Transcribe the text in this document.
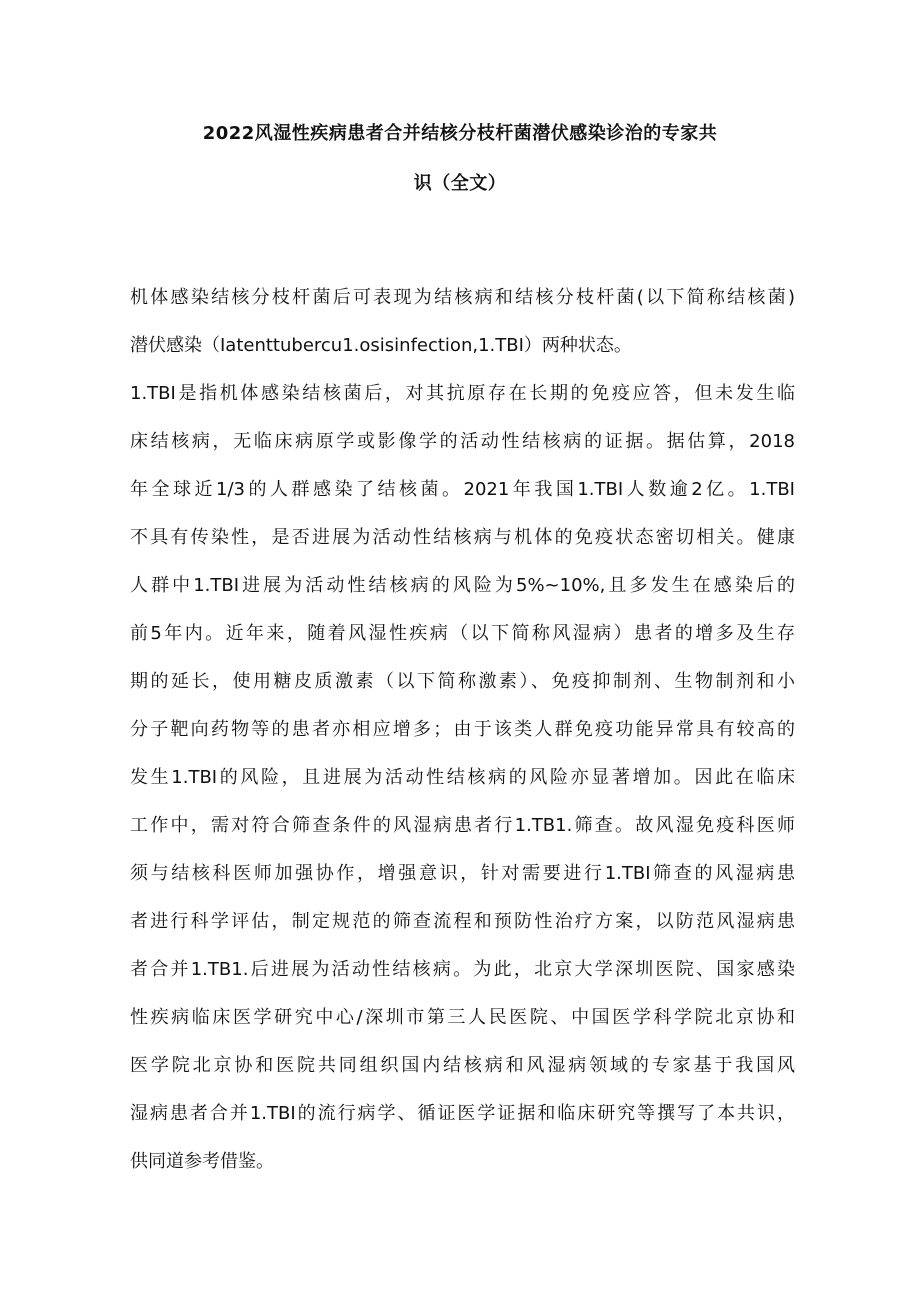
2022风湿性疾病患者合并结核分枝杆菌潜伏感染诊治的专家共
识（全文）
机体感染结核分枝杆菌后可表现为结核病和结核分枝杆菌(以下简称结核菌)
潜伏感染（Iatenttubercu1.osisinfection,1.TBI）两种状态。
1.TBI是指机体感染结核菌后，对其抗原存在长期的免疫应答，但未发生临
床结核病，无临床病原学或影像学的活动性结核病的证据。据估算，2018
年全球近1/3的人群感染了结核菌。2021年我国1.TBI人数逾2亿。1.TBI
不具有传染性，是否进展为活动性结核病与机体的免疫状态密切相关。健康
人群中1.TBI进展为活动性结核病的风险为5%~10%,且多发生在感染后的
前5年内。近年来，随着风湿性疾病（以下简称风湿病）患者的增多及生存
期的延长，使用糖皮质激素（以下简称激素）、免疫抑制剂、生物制剂和小
分子靶向药物等的患者亦相应增多；由于该类人群免疫功能异常具有较高的
发生1.TBI的风险，且进展为活动性结核病的风险亦显著增加。因此在临床
工作中，需对符合筛查条件的风湿病患者行1.TB1.筛查。故风湿免疫科医师
须与结核科医师加强协作，增强意识，针对需要进行1.TBI筛查的风湿病患
者进行科学评估，制定规范的筛查流程和预防性治疗方案，以防范风湿病患
者合并1.TB1.后进展为活动性结核病。为此，北京大学深圳医院、国家感染
性疾病临床医学研究中心/深圳市第三人民医院、中国医学科学院北京协和
医学院北京协和医院共同组织国内结核病和风湿病领域的专家基于我国风
湿病患者合并1.TBI的流行病学、循证医学证据和临床研究等撰写了本共识，
供同道参考借鉴。
